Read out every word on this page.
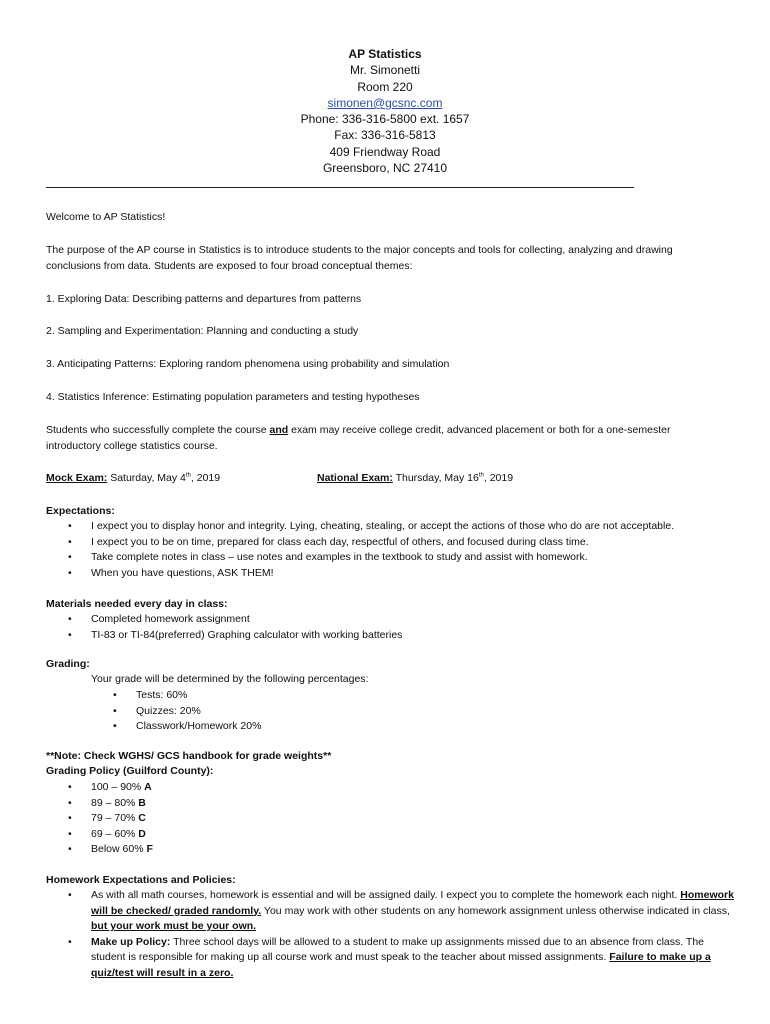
AP Statistics
Mr. Simonetti
Room 220
simonen@gcsnc.com
Phone: 336-316-5800 ext. 1657
Fax: 336-316-5813
409 Friendway Road
Greensboro, NC 27410
Welcome to AP Statistics!
The purpose of the AP course in Statistics is to introduce students to the major concepts and tools for collecting, analyzing and drawing conclusions from data. Students are exposed to four broad conceptual themes:
1. Exploring Data: Describing patterns and departures from patterns
2. Sampling and Experimentation: Planning and conducting a study
3. Anticipating Patterns: Exploring random phenomena using probability and simulation
4. Statistics Inference: Estimating population parameters and testing hypotheses
Students who successfully complete the course and exam may receive college credit, advanced placement or both for a one-semester introductory college statistics course.
Mock Exam: Saturday, May 4th, 2019	National Exam: Thursday, May 16th, 2019
Expectations:
• I expect you to display honor and integrity. Lying, cheating, stealing, or accept the actions of those who do are not acceptable.
• I expect you to be on time, prepared for class each day, respectful of others, and focused during class time.
• Take complete notes in class – use notes and examples in the textbook to study and assist with homework.
• When you have questions, ASK THEM!
Materials needed every day in class:
• Completed homework assignment
• TI-83 or TI-84(preferred) Graphing calculator with working batteries
Grading:
Your grade will be determined by the following percentages:
• Tests: 60%
• Quizzes: 20%
• Classwork/Homework 20%
**Note: Check WGHS/ GCS handbook for grade weights**
Grading Policy (Guilford County):
• 100 – 90% A
• 89 – 80% B
• 79 – 70% C
• 69 – 60% D
• Below 60% F
Homework Expectations and Policies:
• As with all math courses, homework is essential and will be assigned daily. I expect you to complete the homework each night. Homework will be checked/ graded randomly. You may work with other students on any homework assignment unless otherwise indicated in class, but your work must be your own.
• Make up Policy: Three school days will be allowed to a student to make up assignments missed due to an absence from class. The student is responsible for making up all course work and must speak to the teacher about missed assignments. Failure to make up a quiz/test will result in a zero.
